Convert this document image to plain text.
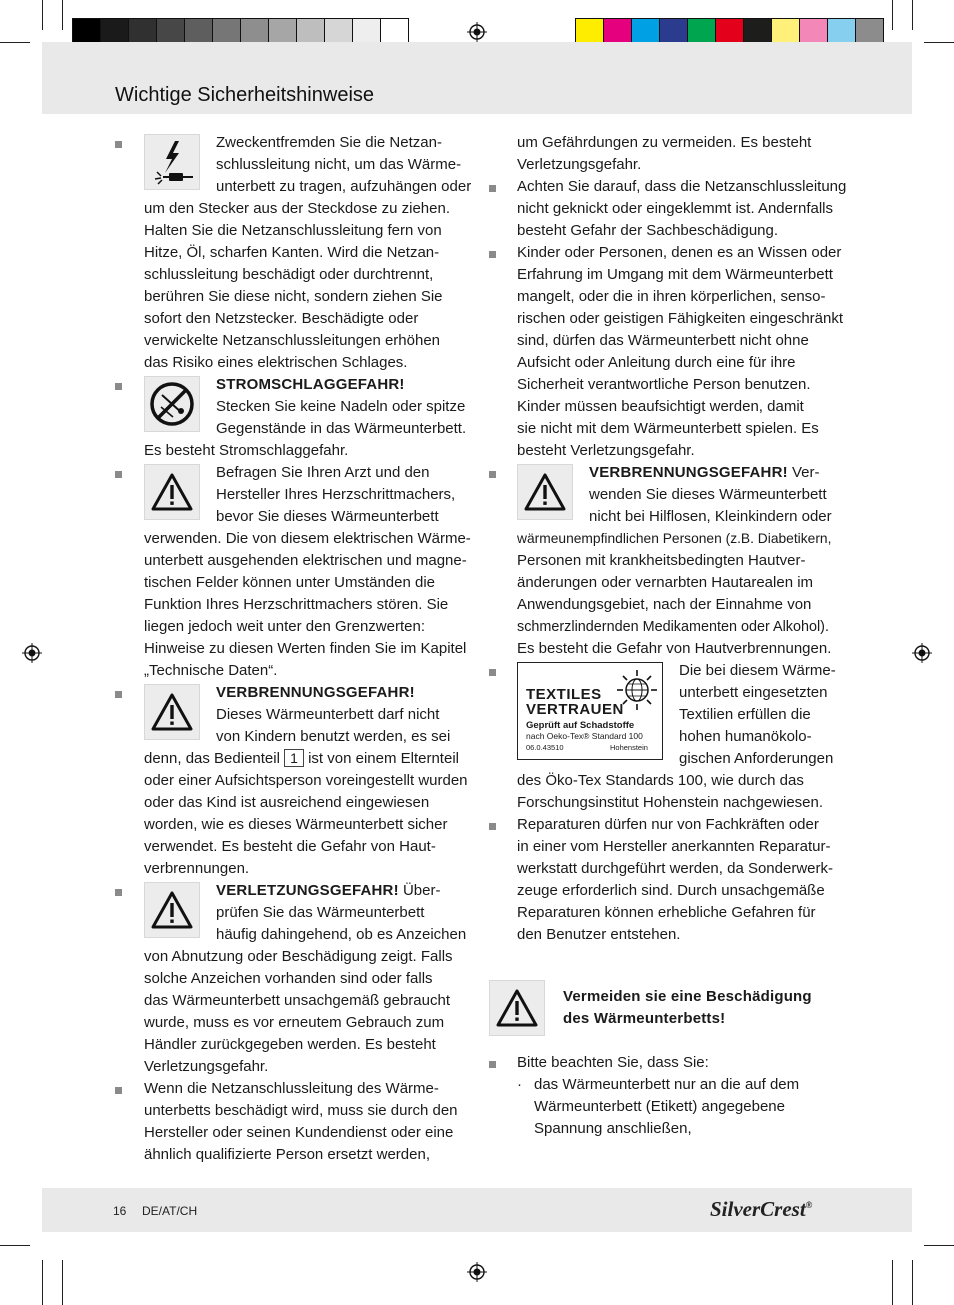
Wichtige Sicherheitshinweise

Zweckentfremden Sie die Netzan-

schlussleitung nicht, um das Wärme-

unterbett zu tragen, aufzuhängen oder

um den Stecker aus der Steckdose zu ziehen.

Halten Sie die Netzanschlussleitung fern von

Hitze, Öl, scharfen Kanten. Wird die Netzan-

schlussleitung beschädigt oder durchtrennt,

berühren Sie diese nicht, sondern ziehen Sie

sofort den Netzstecker. Beschädigte oder

verwickelte Netzanschlussleitungen erhöhen

das Risiko eines elektrischen Schlages.

STROMSCHLAGGEFAHR!

Stecken Sie keine Nadeln oder spitze

Gegenstände in das Wärmeunterbett.

Es besteht Stromschlaggefahr.

Befragen Sie Ihren Arzt und den

Hersteller Ihres Herzschrittmachers,

bevor Sie dieses Wärmeunterbett

verwenden. Die von diesem elektrischen Wärme-

unterbett ausgehenden elektrischen und magne-

tischen Felder können unter Umständen die

Funktion Ihres Herzschrittmachers stören. Sie

liegen jedoch weit unter den Grenzwerten:

Hinweise zu diesen Werten finden Sie im Kapitel

„Technische Daten“.

VERBRENNUNGSGEFAHR!

Dieses Wärmeunterbett darf nicht

von Kindern benutzt werden, es sei

denn, das Bedienteil 1 ist von einem Elternteil

oder einer Aufsichtsperson voreingestellt wurden

oder das Kind ist ausreichend eingewiesen

worden, wie es dieses Wärmeunterbett sicher

verwendet. Es besteht die Gefahr von Haut-

verbrennungen.

VERLETZUNGSGEFAHR! Über-

prüfen Sie das Wärmeunterbett

häufig dahingehend, ob es Anzeichen

von Abnutzung oder Beschädigung zeigt. Falls

solche Anzeichen vorhanden sind oder falls

das Wärmeunterbett unsachgemäß gebraucht

wurde, muss es vor erneutem Gebrauch zum

Händler zurückgegeben werden. Es besteht

Verletzungsgefahr.

Wenn die Netzanschlussleitung des Wärme-

unterbetts beschädigt wird, muss sie durch den

Hersteller oder seinen Kundendienst oder eine

ähnlich qualifizierte Person ersetzt werden,

um Gefährdungen zu vermeiden. Es besteht

Verletzungsgefahr.

Achten Sie darauf, dass die Netzanschlussleitung

nicht geknickt oder eingeklemmt ist. Andernfalls

besteht Gefahr der Sachbeschädigung.

Kinder oder Personen, denen es an Wissen oder

Erfahrung im Umgang mit dem Wärmeunterbett

mangelt, oder die in ihren körperlichen, senso-

rischen oder geistigen Fähigkeiten eingeschränkt

sind, dürfen das Wärmeunterbett nicht ohne

Aufsicht oder Anleitung durch eine für ihre

Sicherheit verantwortliche Person benutzen.

Kinder müssen beaufsichtigt werden, damit

sie nicht mit dem Wärmeunterbett spielen. Es

besteht Verletzungsgefahr.

VERBRENNUNGSGEFAHR! Ver-

wenden Sie dieses Wärmeunterbett

nicht bei Hilflosen, Kleinkindern oder

wärmeunempfindlichen Personen (z.B. Diabetikern,

Personen mit krankheitsbedingten Hautver-

änderungen oder vernarbten Hautarealen im

Anwendungsgebiet, nach der Einnahme von

schmerzlindernden Medikamenten oder Alkohol).

Es besteht die Gefahr von Hautverbrennungen.

TEXTILES
VERTRAUEN
Geprüft auf Schadstoffe
nach Oeko-Tex® Standard 100
06.0.43510	Hohenstein

Die bei diesem Wärme-

unterbett eingesetzten

Textilien erfüllen die

hohen humanökolo-

gischen Anforderungen

des Öko-Tex Standards 100, wie durch das

Forschungsinstitut Hohenstein nachgewiesen.

Reparaturen dürfen nur von Fachkräften oder

in einer vom Hersteller anerkannten Reparatur-

werkstatt durchgeführt werden, da Sonderwerk-

zeuge erforderlich sind. Durch unsachgemäße

Reparaturen können erhebliche Gefahren für

den Benutzer entstehen.

Vermeiden sie eine Beschädigung

des Wärmeunterbetts!

Bitte beachten Sie, dass Sie:

· das Wärmeunterbett nur an die auf dem

Wärmeunterbett (Etikett) angegebene

Spannung anschließen,

16 DE/AT/CH	SilverCrest®
